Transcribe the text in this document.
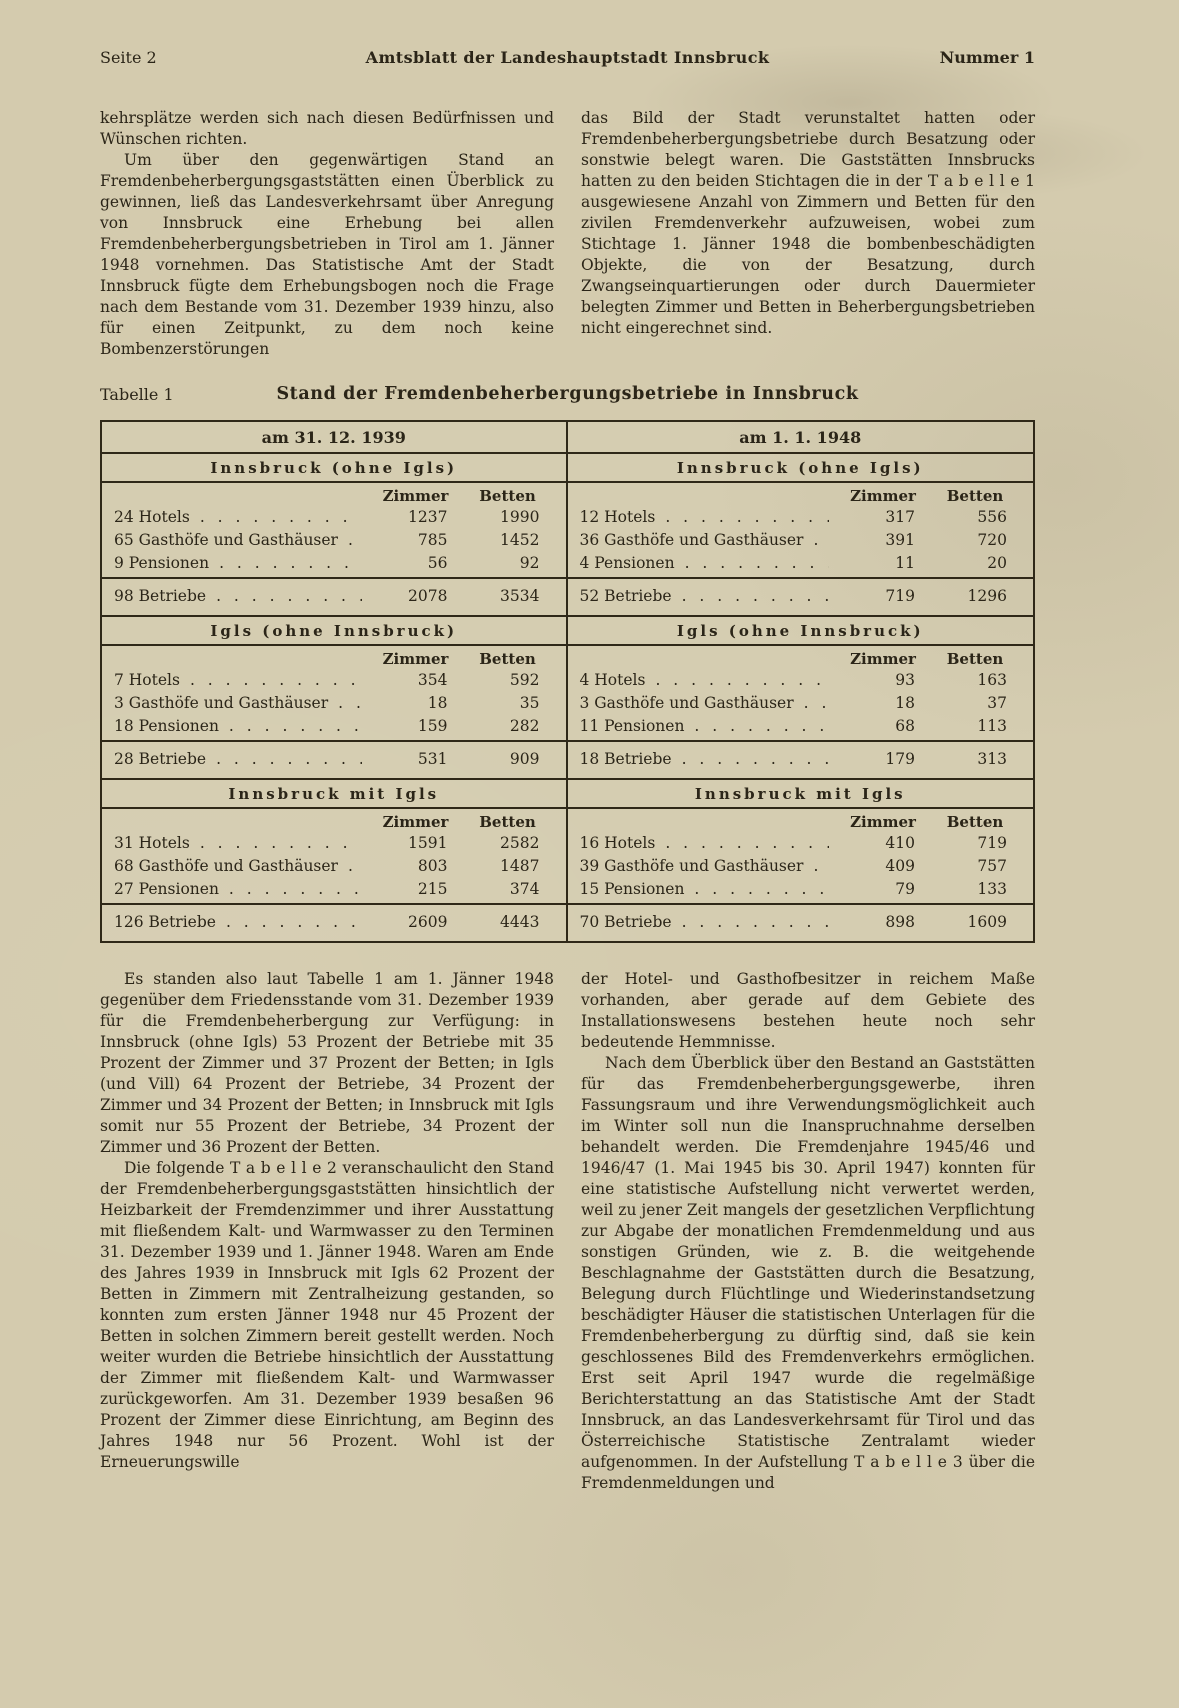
Seite 2	Amtsblatt der Landeshauptstadt Innsbruck	Nummer 1

kehrsplätze werden sich nach diesen Bedürfnissen und Wünschen richten.

Um über den gegenwärtigen Stand an Fremdenbeherbergungsgaststätten einen Überblick zu gewinnen, ließ das Landesverkehrsamt über Anregung von Innsbruck eine Erhebung bei allen Fremdenbeherbergungsbetrieben in Tirol am 1. Jänner 1948 vornehmen. Das Statistische Amt der Stadt Innsbruck fügte dem Erhebungsbogen noch die Frage nach dem Bestande vom 31. Dezember 1939 hinzu, also für einen Zeitpunkt, zu dem noch keine Bombenzerstörungen

das Bild der Stadt verunstaltet hatten oder Fremdenbeherbergungsbetriebe durch Besatzung oder sonstwie belegt waren. Die Gaststätten Innsbrucks hatten zu den beiden Stichtagen die in der T a b e l l e 1 ausgewiesene Anzahl von Zimmern und Betten für den zivilen Fremdenverkehr aufzuweisen, wobei zum Stichtage 1. Jänner 1948 die bombenbeschädigten Objekte, die von der Besatzung, durch Zwangseinquartierungen oder durch Dauermieter belegten Zimmer und Betten in Beherbergungsbetrieben nicht eingerechnet sind.

Tabelle 1	Stand der Fremdenbeherbergungsbetriebe in Innsbruck
am 31. 12. 1939
Innsbruck (ohne Igls)
Zimmer	Betten
24 Hotels . . .	1237	1990
65 Gasthöfe und Gasthäuser . . .	785	1452
9 Pensionen . . .	56	92
98 Betriebe . . .	2078	3534
Igls (ohne Innsbruck)
Zimmer	Betten
7 Hotels . . .	354	592
3 Gasthöfe und Gasthäuser . . .	18	35
18 Pensionen . . .	159	282
28 Betriebe . . .	531	909
Innsbruck mit Igls
Zimmer	Betten
31 Hotels . . .	1591	2582
68 Gasthöfe und Gasthäuser . . .	803	1487
27 Pensionen . . .	215	374
126 Betriebe . . .	2609	4443
am 1. 1. 1948
Innsbruck (ohne Igls)
Zimmer	Betten
12 Hotels . . .	317	556
36 Gasthöfe und Gasthäuser . . .	391	720
4 Pensionen . . .	11	20
52 Betriebe . . .	719	1296
Igls (ohne Innsbruck)
Zimmer	Betten
4 Hotels . . .	93	163
3 Gasthöfe und Gasthäuser . . .	18	37
11 Pensionen . . .	68	113
18 Betriebe . . .	179	313
Innsbruck mit Igls
Zimmer	Betten
16 Hotels . . .	410	719
39 Gasthöfe und Gasthäuser . . .	409	757
15 Pensionen . . .	79	133
70 Betriebe . . .	898	1609

Es standen also laut Tabelle 1 am 1. Jänner 1948 gegenüber dem Friedensstande vom 31. Dezember 1939 für die Fremdenbeherbergung zur Verfügung: in Innsbruck (ohne Igls) 53 Prozent der Betriebe mit 35 Prozent der Zimmer und 37 Prozent der Betten; in Igls (und Vill) 64 Prozent der Betriebe, 34 Prozent der Zimmer und 34 Prozent der Betten; in Innsbruck mit Igls somit nur 55 Prozent der Betriebe, 34 Prozent der Zimmer und 36 Prozent der Betten.

Die folgende T a b e l l e 2 veranschaulicht den Stand der Fremdenbeherbergungsgaststätten hinsichtlich der Heizbarkeit der Fremdenzimmer und ihrer Ausstattung mit fließendem Kalt- und Warmwasser zu den Terminen 31. Dezember 1939 und 1. Jänner 1948. Waren am Ende des Jahres 1939 in Innsbruck mit Igls 62 Prozent der Betten in Zimmern mit Zentralheizung gestanden, so konnten zum ersten Jänner 1948 nur 45 Prozent der Betten in solchen Zimmern bereit gestellt werden. Noch weiter wurden die Betriebe hinsichtlich der Ausstattung der Zimmer mit fließendem Kalt- und Warmwasser zurückgeworfen. Am 31. Dezember 1939 besaßen 96 Prozent der Zimmer diese Einrichtung, am Beginn des Jahres 1948 nur 56 Prozent. Wohl ist der Erneuerungswille

der Hotel- und Gasthofbesitzer in reichem Maße vorhanden, aber gerade auf dem Gebiete des Installationswesens bestehen heute noch sehr bedeutende Hemmnisse.

Nach dem Überblick über den Bestand an Gaststätten für das Fremdenbeherbergungsgewerbe, ihren Fassungsraum und ihre Verwendungsmöglichkeit auch im Winter soll nun die Inanspruchnahme derselben behandelt werden. Die Fremdenjahre 1945/46 und 1946/47 (1. Mai 1945 bis 30. April 1947) konnten für eine statistische Aufstellung nicht verwertet werden, weil zu jener Zeit mangels der gesetzlichen Verpflichtung zur Abgabe der monatlichen Fremdenmeldung und aus sonstigen Gründen, wie z. B. die weitgehende Beschlagnahme der Gaststätten durch die Besatzung, Belegung durch Flüchtlinge und Wiederinstandsetzung beschädigter Häuser die statistischen Unterlagen für die Fremdenbeherbergung zu dürftig sind, daß sie kein geschlossenes Bild des Fremdenverkehrs ermöglichen. Erst seit April 1947 wurde die regelmäßige Berichterstattung an das Statistische Amt der Stadt Innsbruck, an das Landesverkehrsamt für Tirol und das Österreichische Statistische Zentralamt wieder aufgenommen. In der Aufstellung T a b e l l e 3 über die Fremdenmeldungen und
